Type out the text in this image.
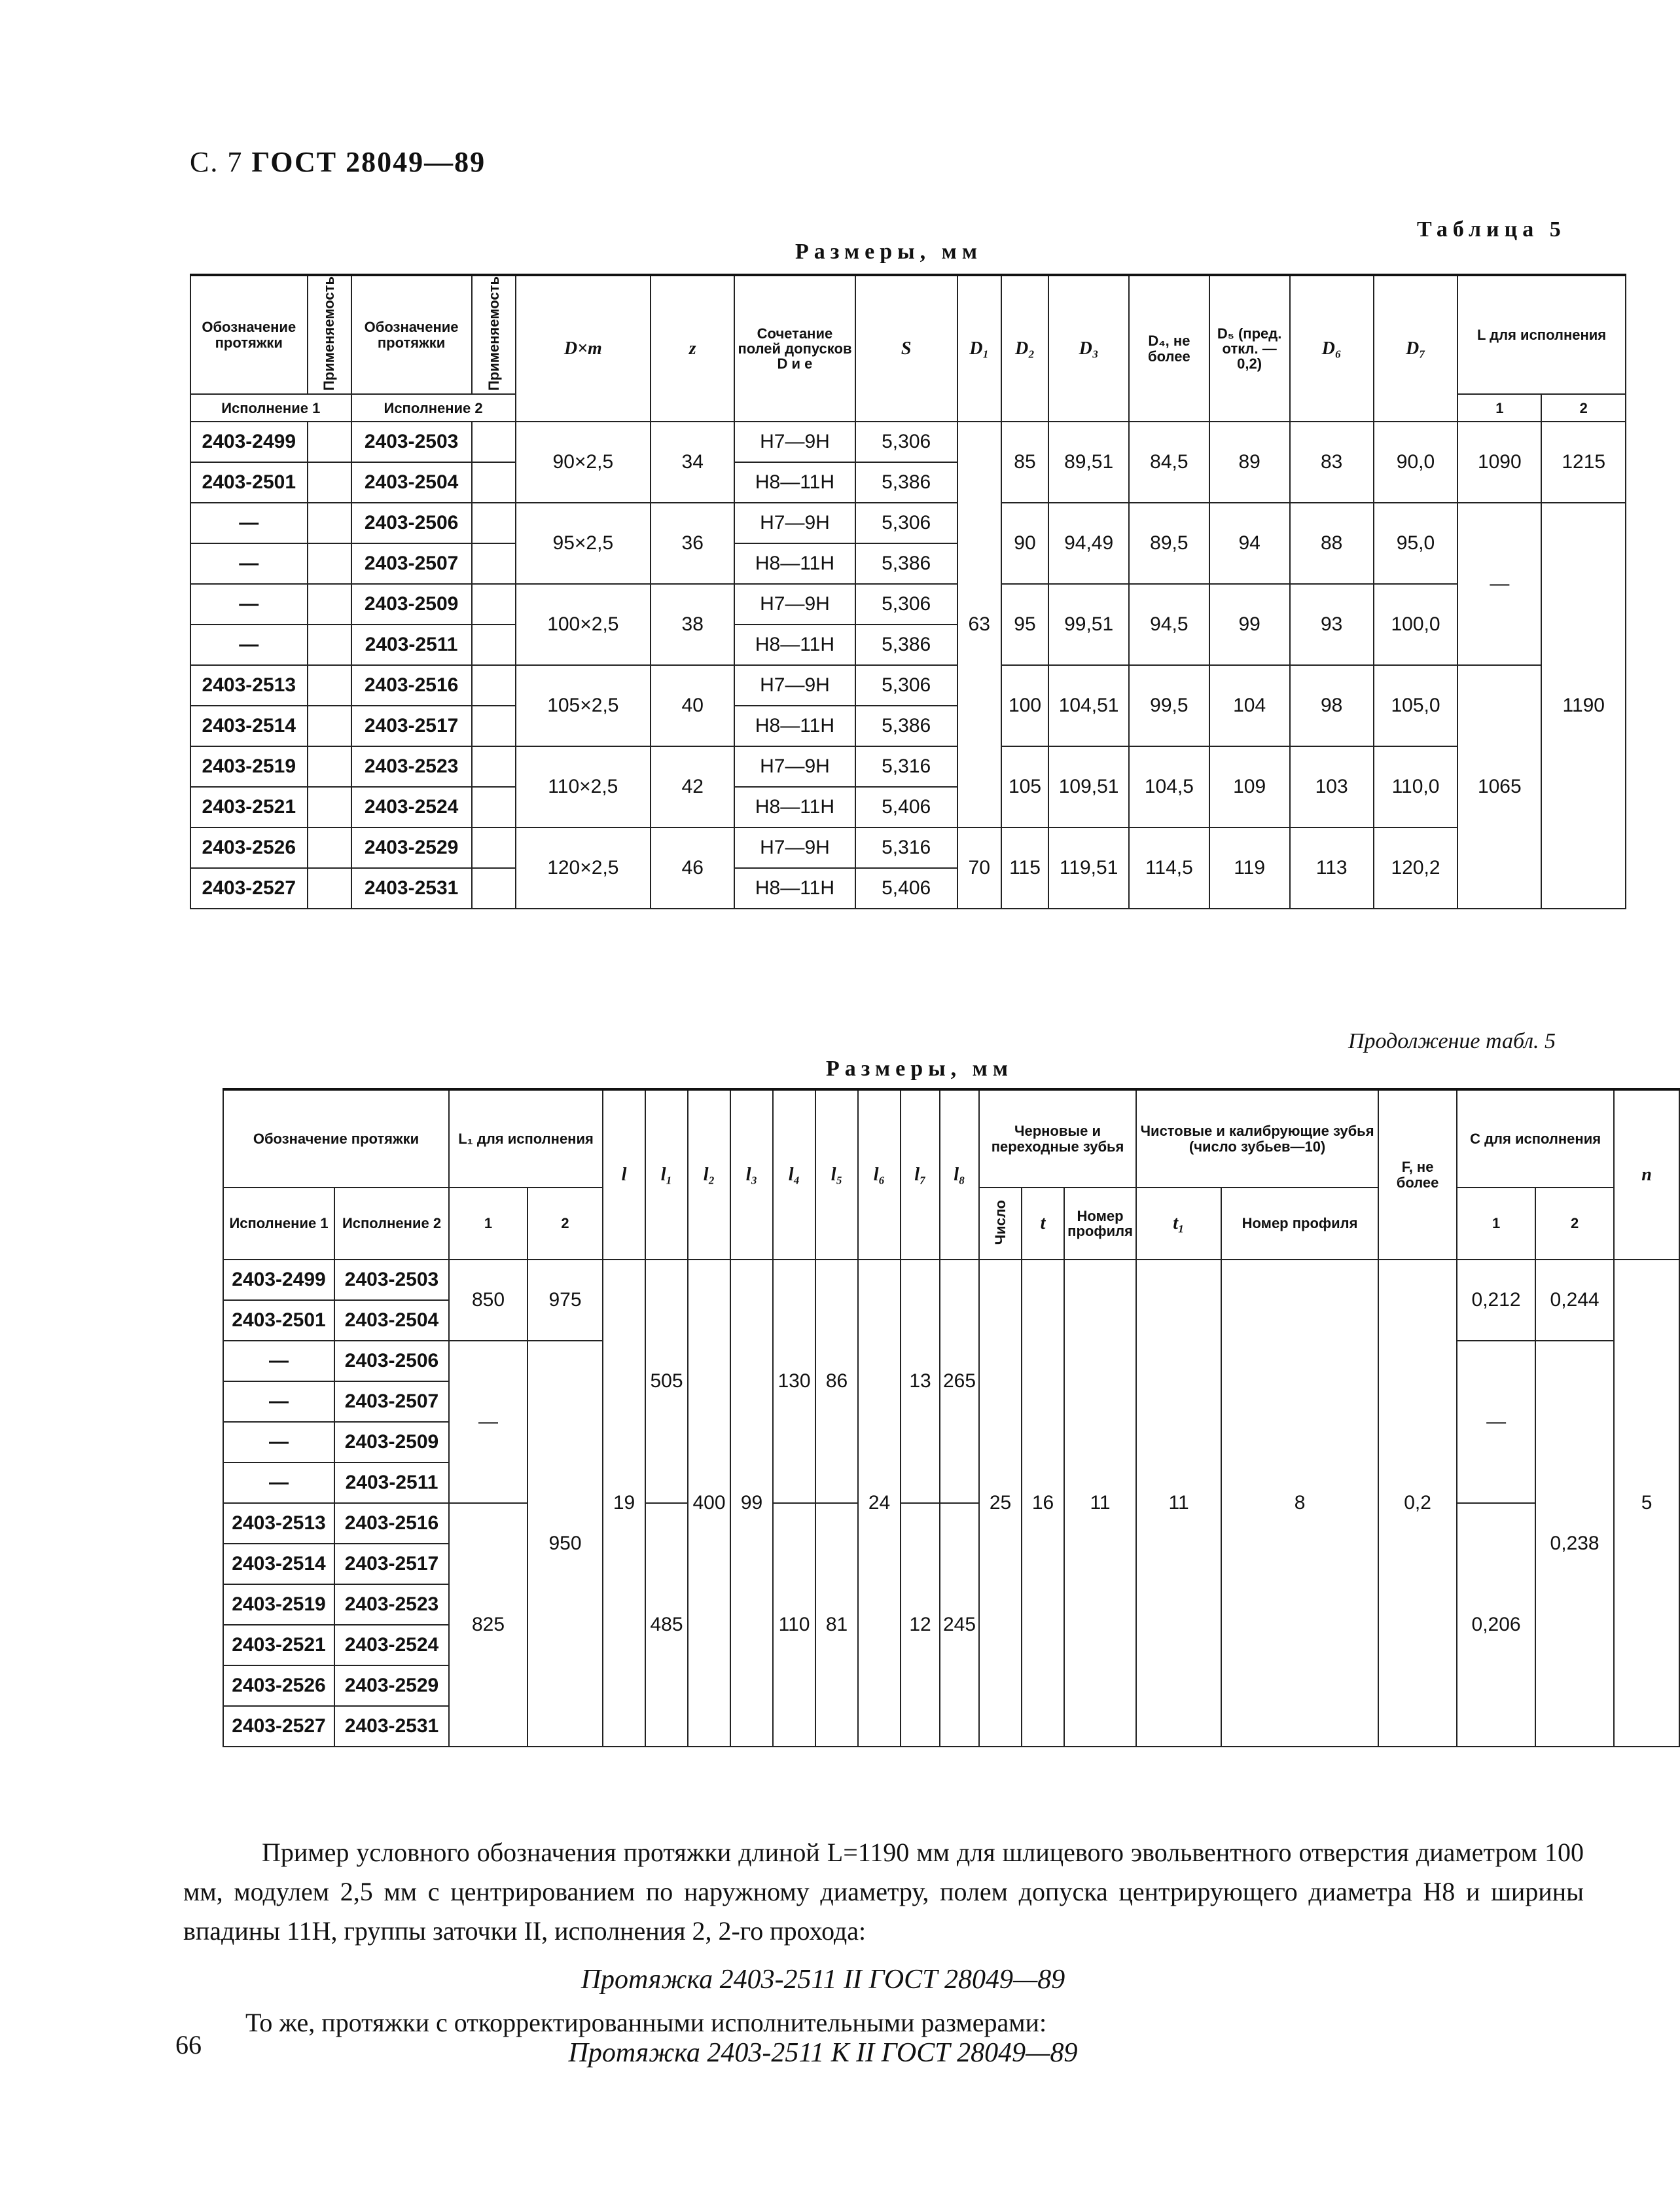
С. 7 ГОСТ 28049—89
Таблица 5
Размеры, мм
Обозначение протяжки	Применяемость	Обозначение протяжки	Применяемость	D×m	z	Сочетание полей допусков D и e	S	D₁	D₂	D₃	D₄, не более	D₅ (пред. откл. —0,2)	D₆	D₇	L для исполнения	
Исполнение 1		Исполнение 2													1	2
2403-2499		2403-2503		90×2,5	34	H7—9H	5,306	63	85	89,51	84,5	89	83	90,0	1090	1215
2403-2501		2403-2504				H8—11H	5,386									
—		2403-2506		95×2,5	36	H7—9H	5,306		90	94,49	89,5	94	88	95,0	—	1190
—		2403-2507				H8—11H	5,386									
—		2403-2509		100×2,5	38	H7—9H	5,306		95	99,51	94,5	99	93	100,0		
—		2403-2511				H8—11H	5,386									
2403-2513		2403-2516		105×2,5	40	H7—9H	5,306		100	104,51	99,5	104	98	105,0	1065	
2403-2514		2403-2517				H8—11H	5,386									
2403-2519		2403-2523		110×2,5	42	H7—9H	5,316		105	109,51	104,5	109	103	110,0		
2403-2521		2403-2524				H8—11H	5,406									
2403-2526		2403-2529		120×2,5	46	H7—9H	5,316	70	115	119,51	114,5	119	113	120,2		
2403-2527		2403-2531				H8—11H	5,406									
Продолжение табл. 5
Размеры, мм
Обозначение протяжки		L₁ для исполнения		l	l₁	l₂	l₃	l₄	l₅	l₆	l₇	l₈	Черновые и переходные зубья			Чистовые и калибрующие зубья (число зубьев—10)		F, не более	C для исполнения		n
Исполнение 1	Исполнение 2	1	2										Число	t	Номер профиля	t₁	Номер профиля		1	2	
2403-2499	2403-2503	850	975	19	505	400	99	130	86	24	13	265	25	16	11	11	8	0,2	0,212	0,244	5
2403-2501	2403-2504																				
—	2403-2506	—	950																—	0,238	
—	2403-2507																				
—	2403-2509																				
—	2403-2511																				
2403-2513	2403-2516	825			485			110	81		12	245							0,206		
2403-2514	2403-2517																				
2403-2519	2403-2523																				
2403-2521	2403-2524																				
2403-2526	2403-2529																				
2403-2527	2403-2531																				
Пример условного обозначения протяжки длиной L=1190 мм для шлицевого эвольвентного отверстия диаметром 100 мм, модулем 2,5 мм с центрированием по наружному диаметру, полем допуска центрирующего диаметра H8 и ширины впадины 11H, группы заточки II, исполнения 2, 2-го прохода:
Протяжка 2403-2511 II ГОСТ 28049—89
То же, протяжки с откорректированными исполнительными размерами:
Протяжка 2403-2511 К II ГОСТ 28049—89
66
